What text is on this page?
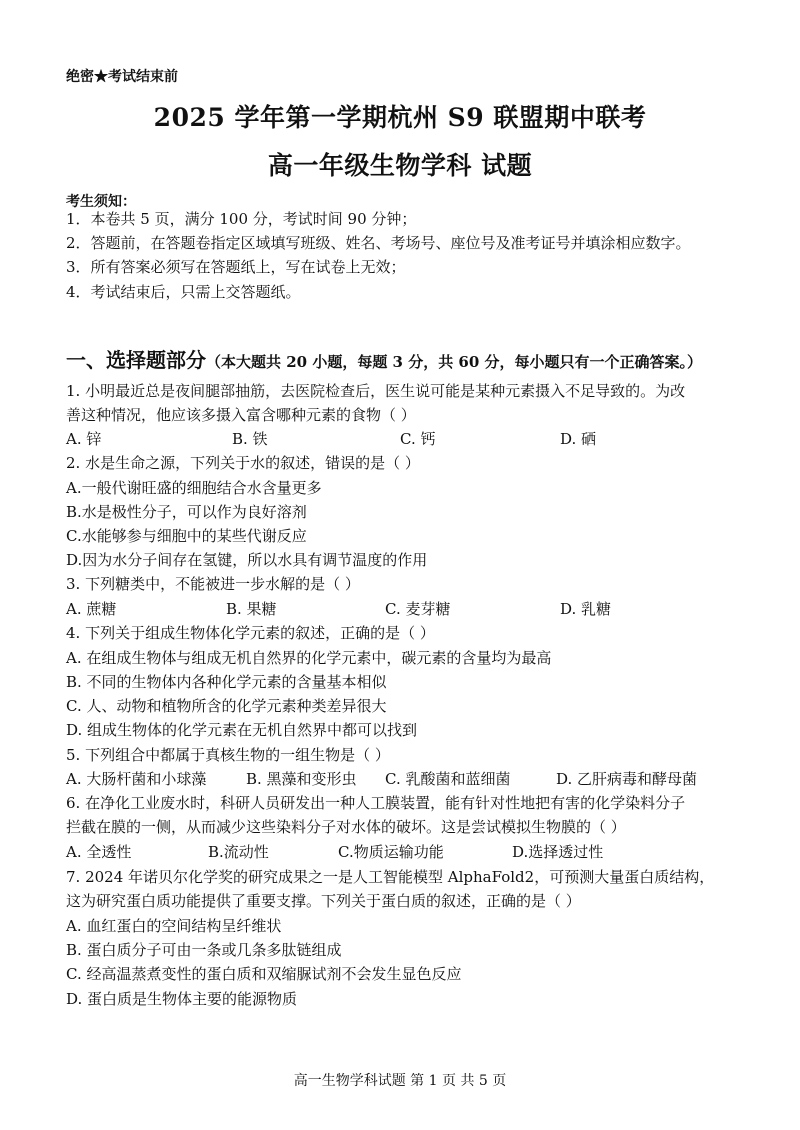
绝密★考试结束前
2025 学年第一学期杭州 S9 联盟期中联考
高一年级生物学科 试题
考生须知：
1．本卷共 5 页，满分 100 分，考试时间 90 分钟；
2．答题前，在答题卷指定区域填写班级、姓名、考场号、座位号及准考证号并填涂相应数字。
3．所有答案必须写在答题纸上，写在试卷上无效；
4．考试结束后，只需上交答题纸。
一、选择题部分（本大题共 20 小题，每题 3 分，共 60 分，每小题只有一个正确答案。）
1. 小明最近总是夜间腿部抽筋，去医院检查后，医生说可能是某种元素摄入不足导致的。为改
善这种情况，他应该多摄入富含哪种元素的食物（ ）
A. 锌	B. 铁	C. 钙	D. 硒
2. 水是生命之源，下列关于水的叙述，错误的是（ ）
A.一般代谢旺盛的细胞结合水含量更多
B.水是极性分子，可以作为良好溶剂
C.水能够参与细胞中的某些代谢反应
D.因为水分子间存在氢键，所以水具有调节温度的作用
3. 下列糖类中，不能被进一步水解的是（ ）
A. 蔗糖	B. 果糖	C. 麦芽糖	D. 乳糖
4. 下列关于组成生物体化学元素的叙述，正确的是（ ）
A. 在组成生物体与组成无机自然界的化学元素中，碳元素的含量均为最高
B. 不同的生物体内各种化学元素的含量基本相似
C. 人、动物和植物所含的化学元素种类差异很大
D. 组成生物体的化学元素在无机自然界中都可以找到
5. 下列组合中都属于真核生物的一组生物是（ ）
A. 大肠杆菌和小球藻	B. 黑藻和变形虫 C. 乳酸菌和蓝细菌	D. 乙肝病毒和酵母菌
6. 在净化工业废水时，科研人员研发出一种人工膜装置，能有针对性地把有害的化学染料分子
拦截在膜的一侧，从而减少这些染料分子对水体的破坏。这是尝试模拟生物膜的（ ）
A. 全透性	B.流动性	C.物质运输功能	D.选择透过性
7. 2024 年诺贝尔化学奖的研究成果之一是人工智能模型 AlphaFold2，可预测大量蛋白质结构，
这为研究蛋白质功能提供了重要支撑。下列关于蛋白质的叙述，正确的是（ ）
A. 血红蛋白的空间结构呈纤维状
B. 蛋白质分子可由一条或几条多肽链组成
C. 经高温蒸煮变性的蛋白质和双缩脲试剂不会发生显色反应
D. 蛋白质是生物体主要的能源物质
高一生物学科试题 第 1 页 共 5 页
